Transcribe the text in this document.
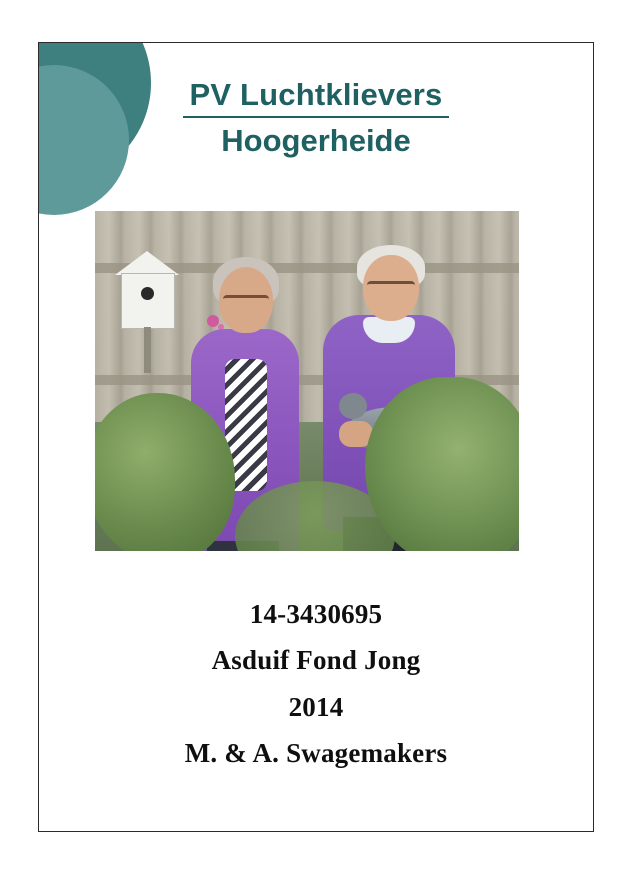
PV Luchtklievers
Hoogerheide
14-3430695
Asduif Fond Jong
2014
M. & A. Swagemakers
